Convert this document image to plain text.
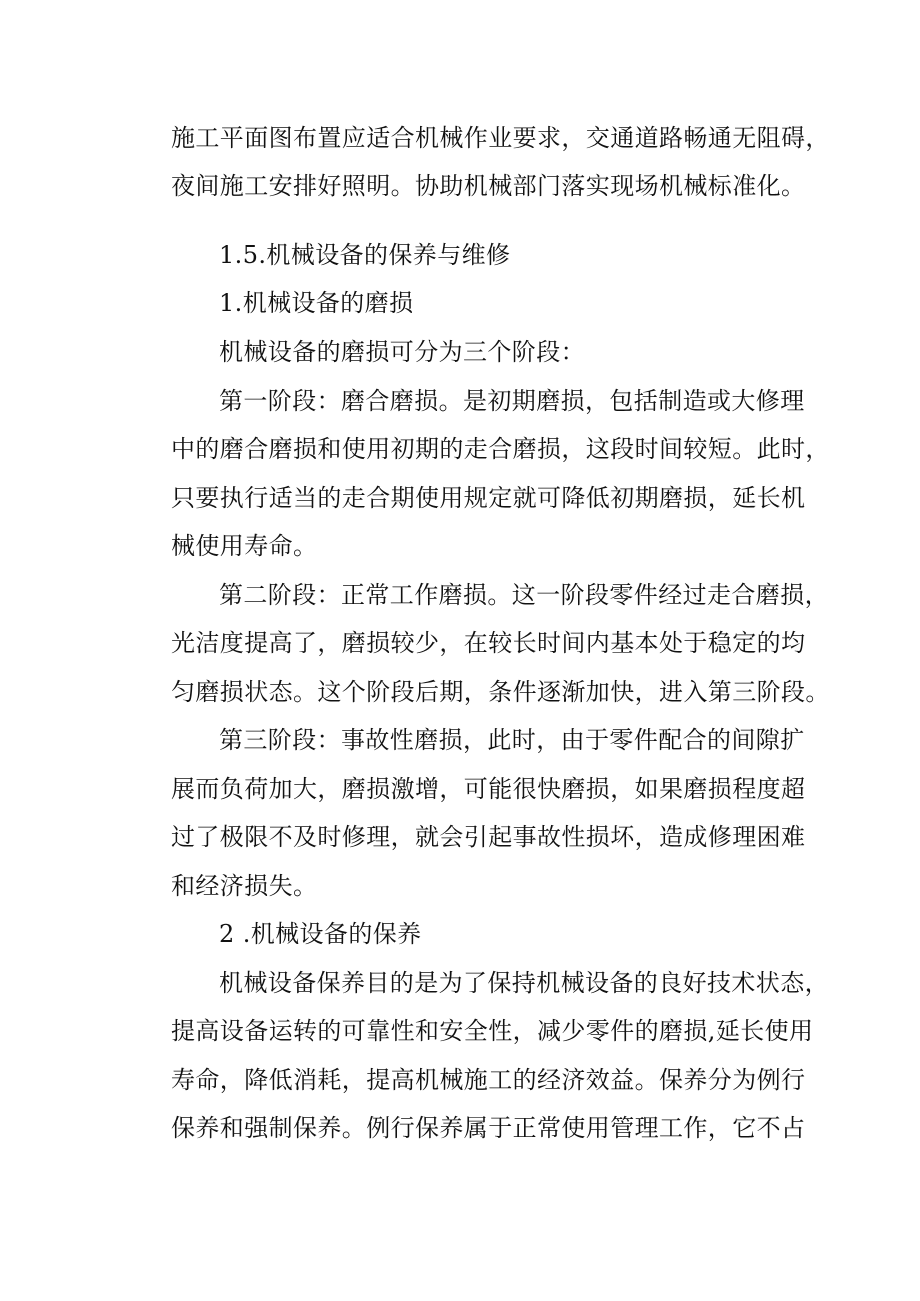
施工平面图布置应适合机械作业要求，交通道路畅通无阻碍，
夜间施工安排好照明。协助机械部门落实现场机械标准化。
1.5.机械设备的保养与维修
1.机械设备的磨损
机械设备的磨损可分为三个阶段：
第一阶段：磨合磨损。是初期磨损，包括制造或大修理
中的磨合磨损和使用初期的走合磨损，这段时间较短。此时，
只要执行适当的走合期使用规定就可降低初期磨损，延长机
械使用寿命。
第二阶段：正常工作磨损。这一阶段零件经过走合磨损，
光洁度提高了，磨损较少，在较长时间内基本处于稳定的均
匀磨损状态。这个阶段后期，条件逐渐加快，进入第三阶段。
第三阶段：事故性磨损，此时，由于零件配合的间隙扩
展而负荷加大，磨损激增，可能很快磨损，如果磨损程度超
过了极限不及时修理，就会引起事故性损坏，造成修理困难
和经济损失。
2 .机械设备的保养
机械设备保养目的是为了保持机械设备的良好技术状态，
提高设备运转的可靠性和安全性，减少零件的磨损,延长使用
寿命，降低消耗，提高机械施工的经济效益。保养分为例行
保养和强制保养。例行保养属于正常使用管理工作，它不占
